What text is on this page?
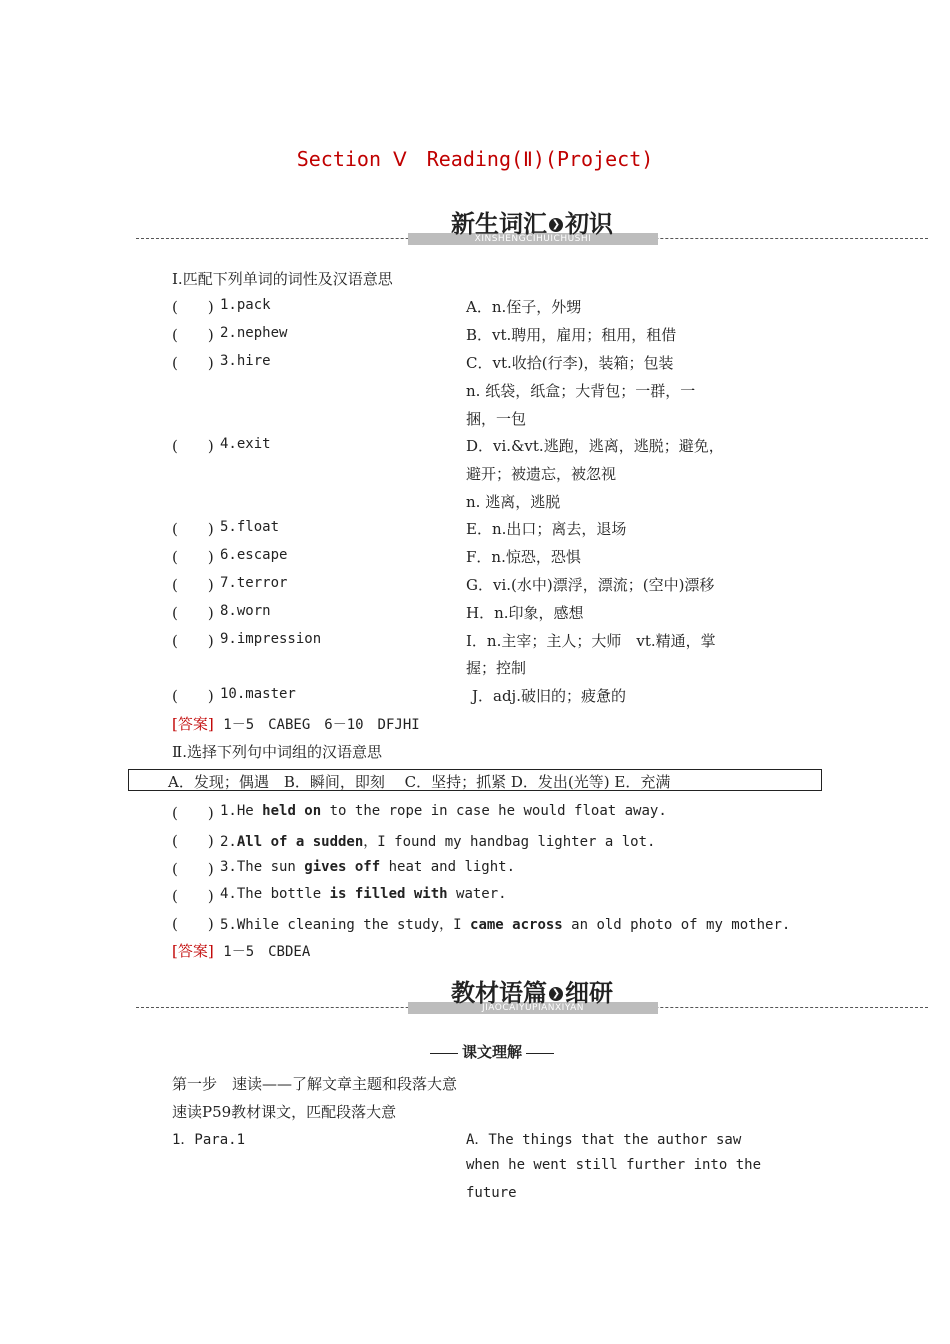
Section Ⅴ　Reading(Ⅱ)(Project)
XINSHENGCIHUICHUSHI
新生词汇 ❯ 初识
Ⅰ.匹配下列单词的词性及汉语意思
(　　) 1.pack
(　　) 2.nephew
(　　) 3.hire
(　　) 4.exit
(　　) 5.float
(　　) 6.escape
(　　) 7.terror
(　　) 8.worn
(　　) 9.impression
(　　) 10.master
A．n.侄子，外甥
B．vt.聘用，雇用；租用，租借
C．vt.收拾(行李)，装箱；包装
n. 纸袋，纸盒；大背包；一群，一
捆，一包
D．vi.&vt.逃跑，逃离，逃脱；避免，
避开；被遗忘，被忽视
n. 逃离，逃脱
E．n.出口；离去，退场
F．n.惊恐，恐惧
G．vi.(水中)漂浮，漂流；(空中)漂移
H．n.印象，感想
I．n.主宰；主人；大师　vt.精通，掌
握；控制
J．adj.破旧的；疲惫的
[答案] 1－5　CABEG　6－10　DFJHI
Ⅱ.选择下列句中词组的汉语意思
A．发现；偶遇　B．瞬间，即刻　 C．坚持；抓紧 D．发出(光等) E．充满
(　　) 1.He held on to the rope in case he would float away.
(　　) 2.All of a sudden，I found my handbag lighter a lot.
(　　) 3.The sun gives off heat and light.
(　　) 4.The bottle is filled with water.
(　　) 5.While cleaning the study，I came across an old photo of my mother.
[答案] 1－5　CBDEA
JIAOCAIYUPIANXIYAN
教材语篇 ❯ 细研
课文理解
第一步　速读——了解文章主题和段落大意
速读P59教材课文，匹配段落大意
1．Para.1	A．The things that the author saw
when he went still further into the
future
